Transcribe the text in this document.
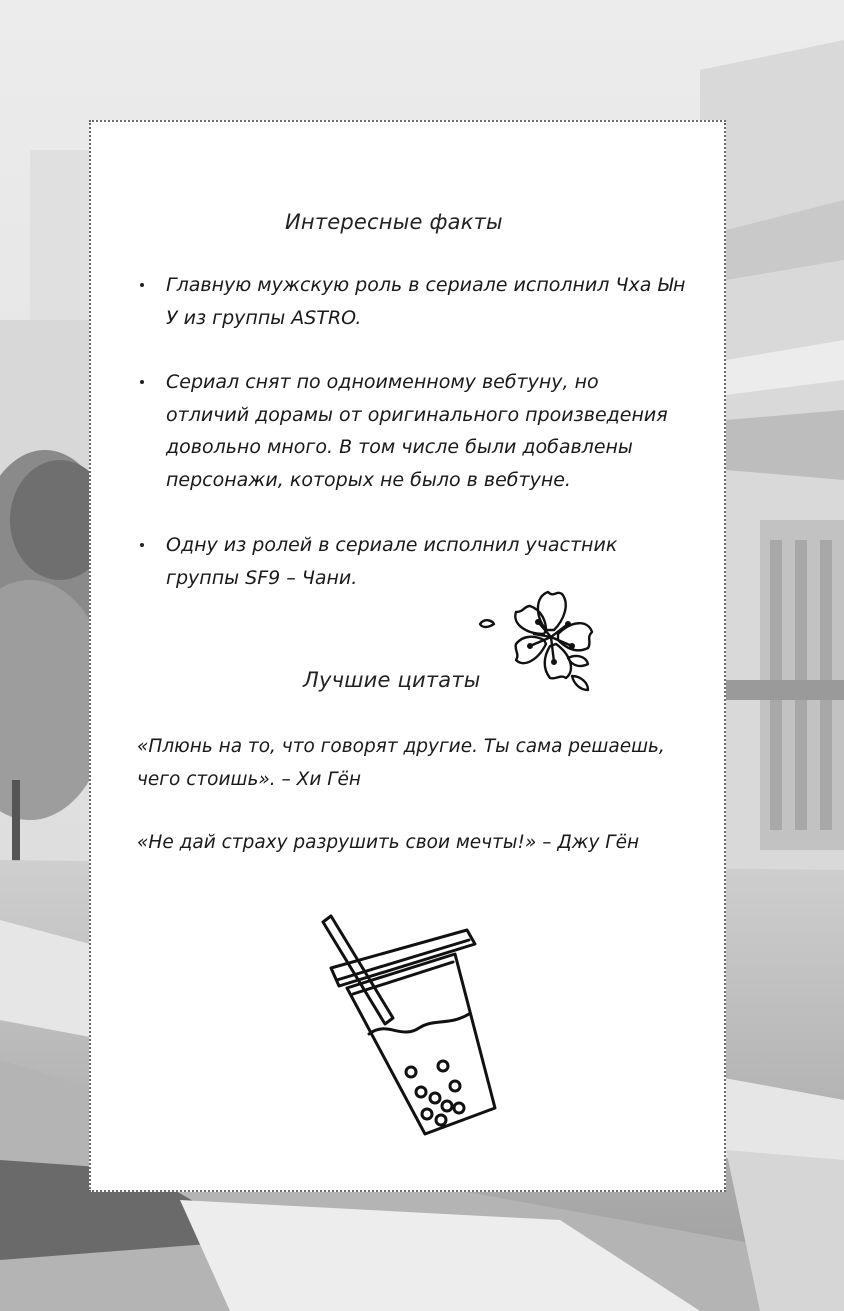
Интересные факты
Главную мужскую роль в сериале исполнил Чха Ын У из группы ASTRO.
Сериал снят по одноименному вебтуну, но отличий дорамы от оригинального произведения довольно много. В том числе были добавлены персонажи, которых не было в вебтуне.
Одну из ролей в сериале исполнил участник группы SF9 – Чани.
Лучшие цитаты
«Плюнь на то, что говорят другие. Ты сама решаешь, чего стоишь». – Хи Гён
«Не дай страху разрушить свои мечты!» – Джу Гён
